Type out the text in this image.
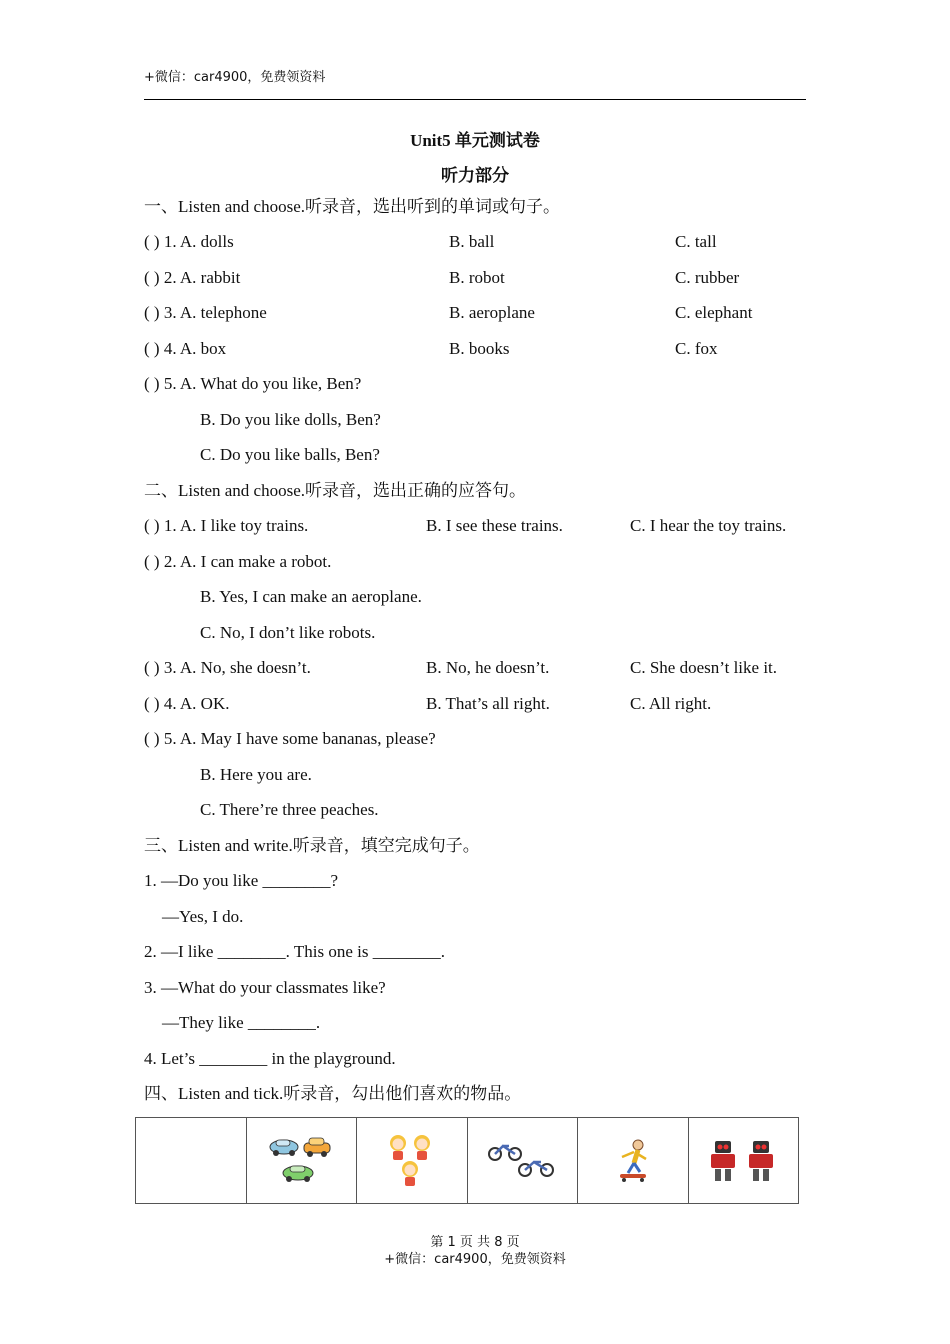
+微信：car4900，免费领资料
Unit5 单元测试卷
听力部分
一、Listen and choose.听录音，选出听到的单词或句子。
( ) 1. A. dolls	B. ball	C. tall
( ) 2. A. rabbit	B. robot	C. rubber
( ) 3. A. telephone	B. aeroplane	C. elephant
( ) 4. A. box	B. books	C. fox
( ) 5. A. What do you like, Ben?
B. Do you like dolls, Ben?
C. Do you like balls, Ben?
二、Listen and choose.听录音，选出正确的应答句。
( ) 1. A. I like toy trains.	B. I see these trains.	C. I hear the toy trains.
( ) 2. A. I can make a robot.
B. Yes, I can make an aeroplane.
C. No, I don’t like robots.
( ) 3. A. No, she doesn’t.	B. No, he doesn’t.	C. She doesn’t like it.
( ) 4. A. OK.	B. That’s all right.	C. All right.
( ) 5. A. May I have some bananas, please?
B. Here you are.
C. There’re three peaches.
三、Listen and write.听录音，填空完成句子。
1. —Do you like ________?
—Yes, I do.
2. —I like ________. This one is ________.
3. —What do your classmates like?
—They like ________.
4. Let’s ________ in the playground.
四、Listen and tick.听录音，勾出他们喜欢的物品。

第 1 页 共 8 页
+微信：car4900，免费领资料
